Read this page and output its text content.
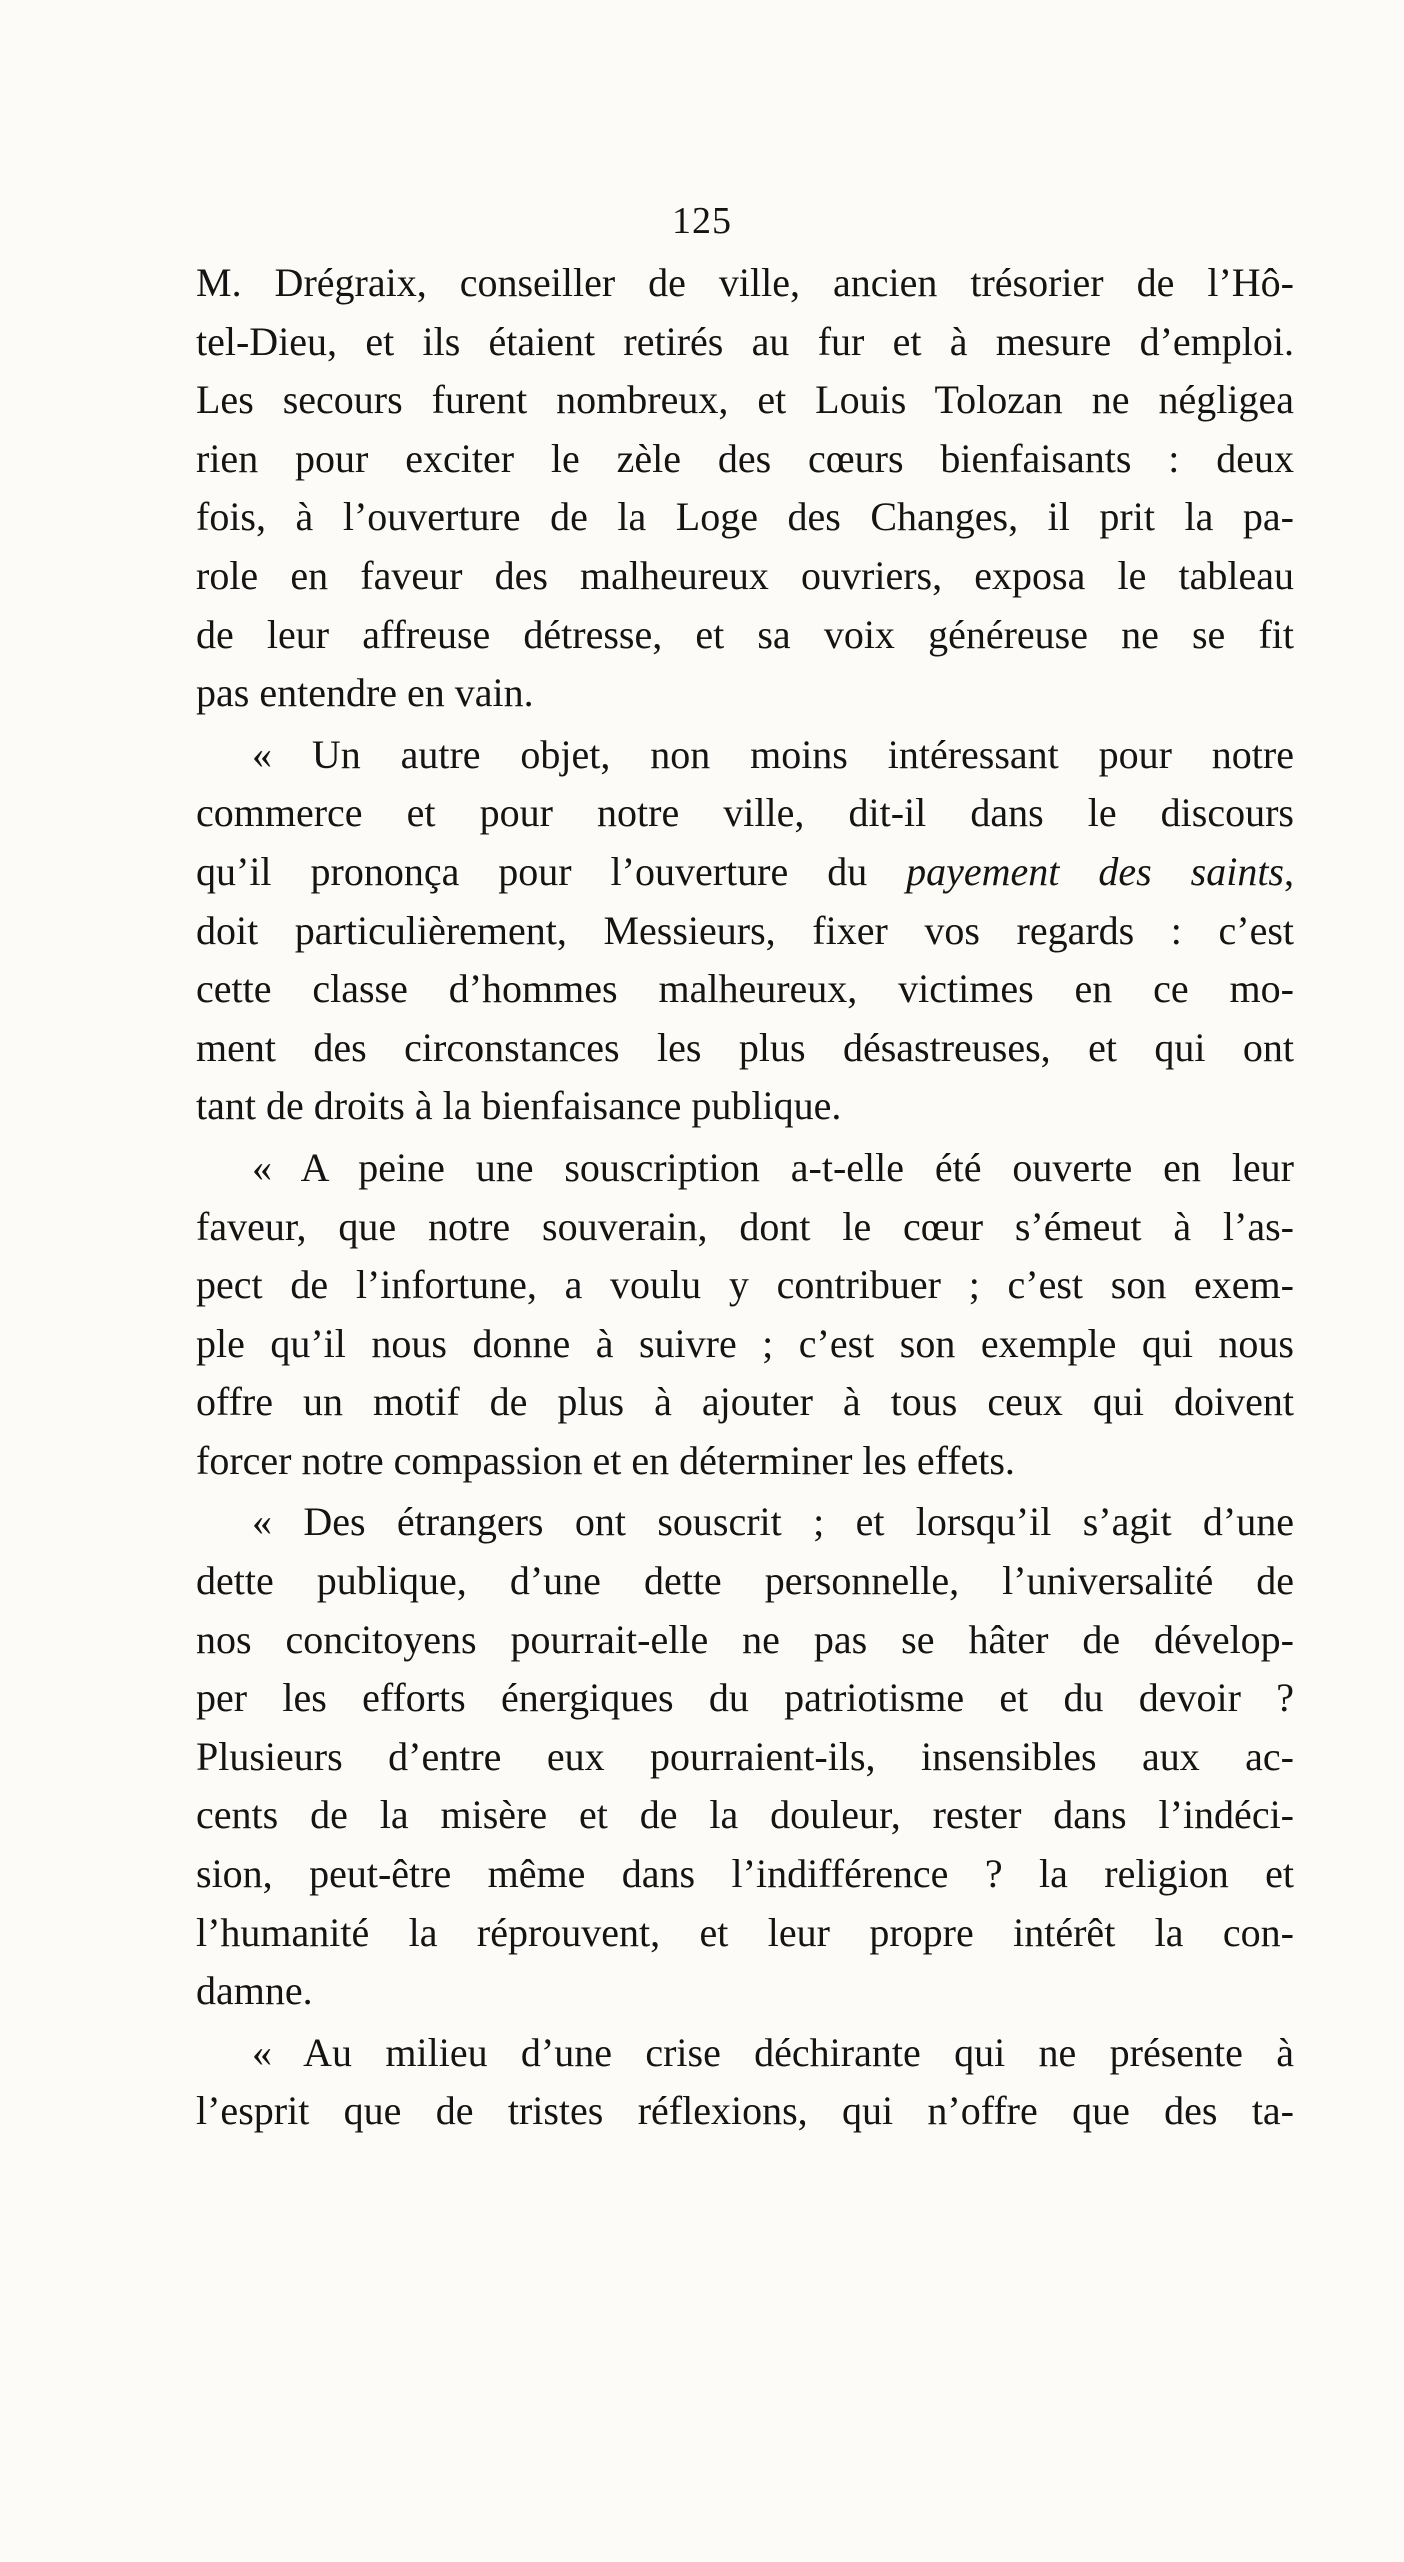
125
M. Drégraix, conseiller de ville, ancien trésorier de l’Hô-
tel-Dieu, et ils étaient retirés au fur et à mesure d’emploi.
Les secours furent nombreux, et Louis Tolozan ne négligea
rien pour exciter le zèle des cœurs bienfaisants : deux
fois, à l’ouverture de la Loge des Changes, il prit la pa-
role en faveur des malheureux ouvriers, exposa le tableau
de leur affreuse détresse, et sa voix généreuse ne se fit
pas entendre en vain.
« Un autre objet, non moins intéressant pour notre
commerce et pour notre ville, dit-il dans le discours
qu’il prononça pour l’ouverture du payement des saints,
doit particulièrement, Messieurs, fixer vos regards : c’est
cette classe d’hommes malheureux, victimes en ce mo-
ment des circonstances les plus désastreuses, et qui ont
tant de droits à la bienfaisance publique.
« A peine une souscription a-t-elle été ouverte en leur
faveur, que notre souverain, dont le cœur s’émeut à l’as-
pect de l’infortune, a voulu y contribuer ; c’est son exem-
ple qu’il nous donne à suivre ; c’est son exemple qui nous
offre un motif de plus à ajouter à tous ceux qui doivent
forcer notre compassion et en déterminer les effets.
« Des étrangers ont souscrit ; et lorsqu’il s’agit d’une
dette publique, d’une dette personnelle, l’universalité de
nos concitoyens pourrait-elle ne pas se hâter de dévelop-
per les efforts énergiques du patriotisme et du devoir ?
Plusieurs d’entre eux pourraient-ils, insensibles aux ac-
cents de la misère et de la douleur, rester dans l’indéci-
sion, peut-être même dans l’indifférence ? la religion et
l’humanité la réprouvent, et leur propre intérêt la con-
damne.
« Au milieu d’une crise déchirante qui ne présente à
l’esprit que de tristes réflexions, qui n’offre que des ta-
